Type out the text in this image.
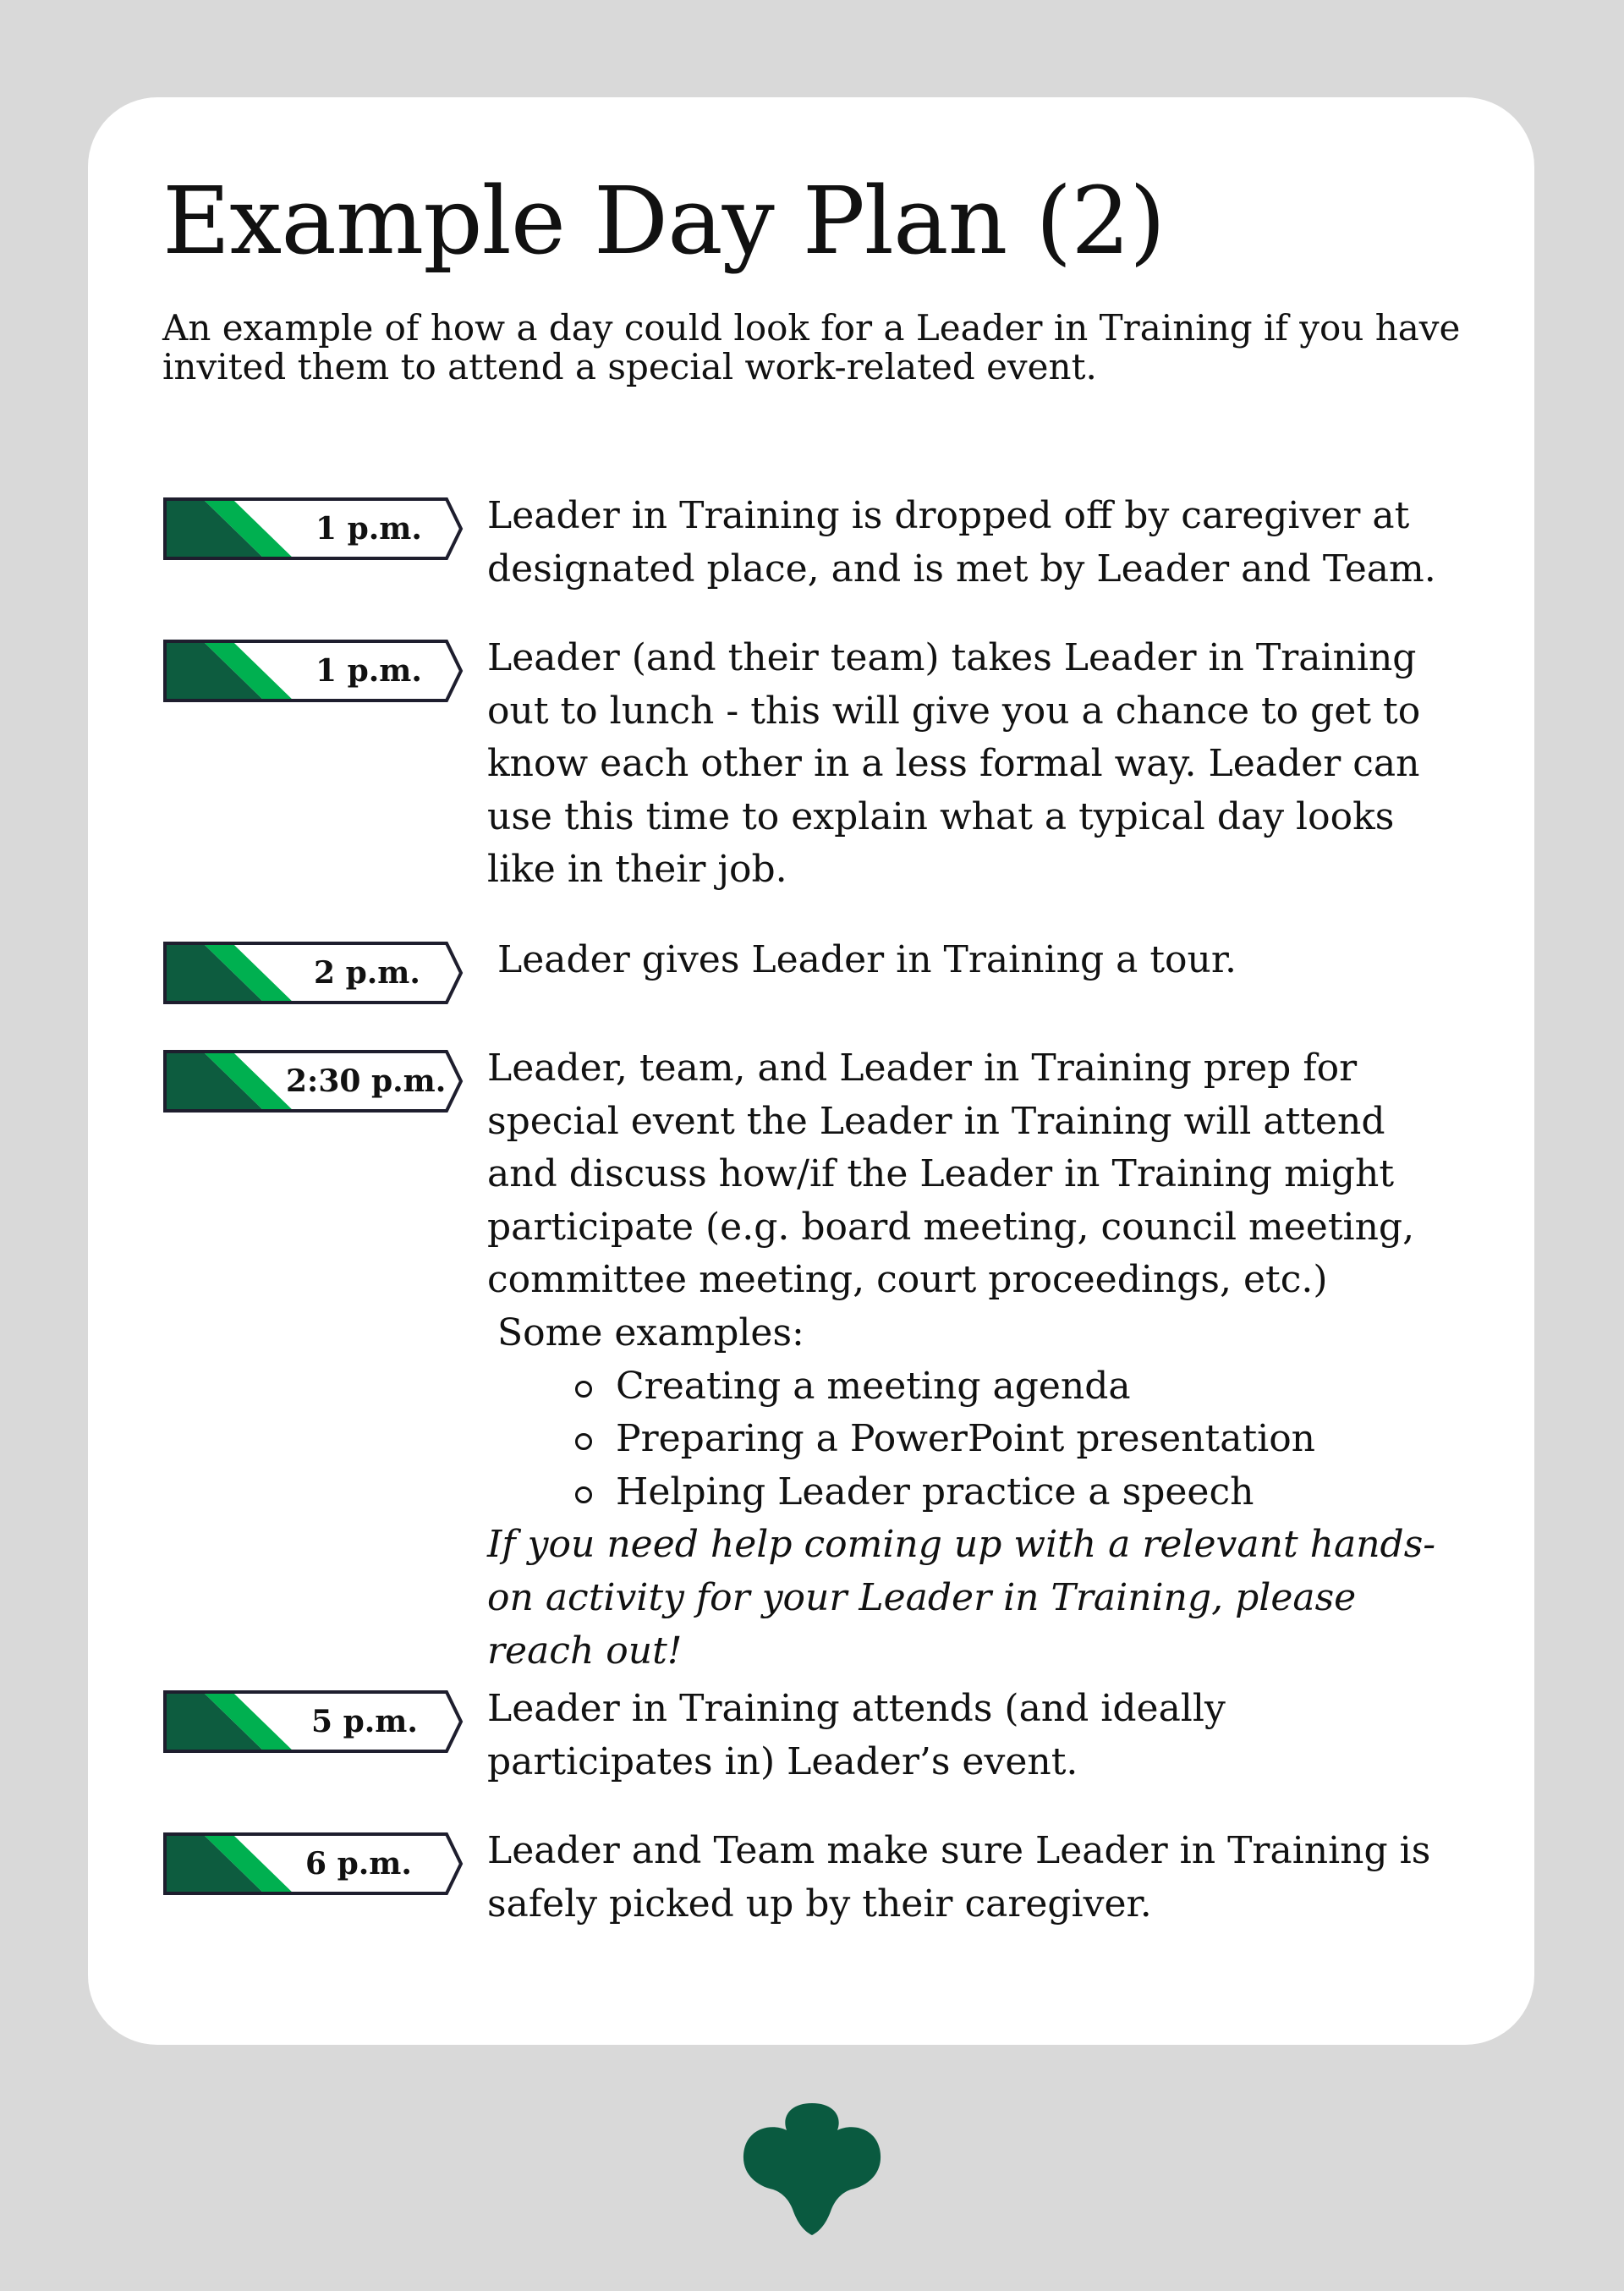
Example Day Plan (2)

An example of how a day could look for a Leader in Training if you have invited them to attend a special work-related event.

1 p.m. Leader in Training is dropped off by caregiver at designated place, and is met by Leader and Team.

1 p.m. Leader (and their team) takes Leader in Training out to lunch - this will give you a chance to get to know each other in a less formal way. Leader can use this time to explain what a typical day looks like in their job.

2 p.m. Leader gives Leader in Training a tour.

2:30 p.m. Leader, team, and Leader in Training prep for special event the Leader in Training will attend and discuss how/if the Leader in Training might participate (e.g. board meeting, council meeting, committee meeting, court proceedings, etc.)
Some examples:
Creating a meeting agenda
Preparing a PowerPoint presentation
Helping Leader practice a speech
If you need help coming up with a relevant hands-on activity for your Leader in Training, please reach out!
5 p.m. Leader in Training attends (and ideally participates in) Leader’s event.

6 p.m. Leader and Team make sure Leader in Training is safely picked up by their caregiver.
